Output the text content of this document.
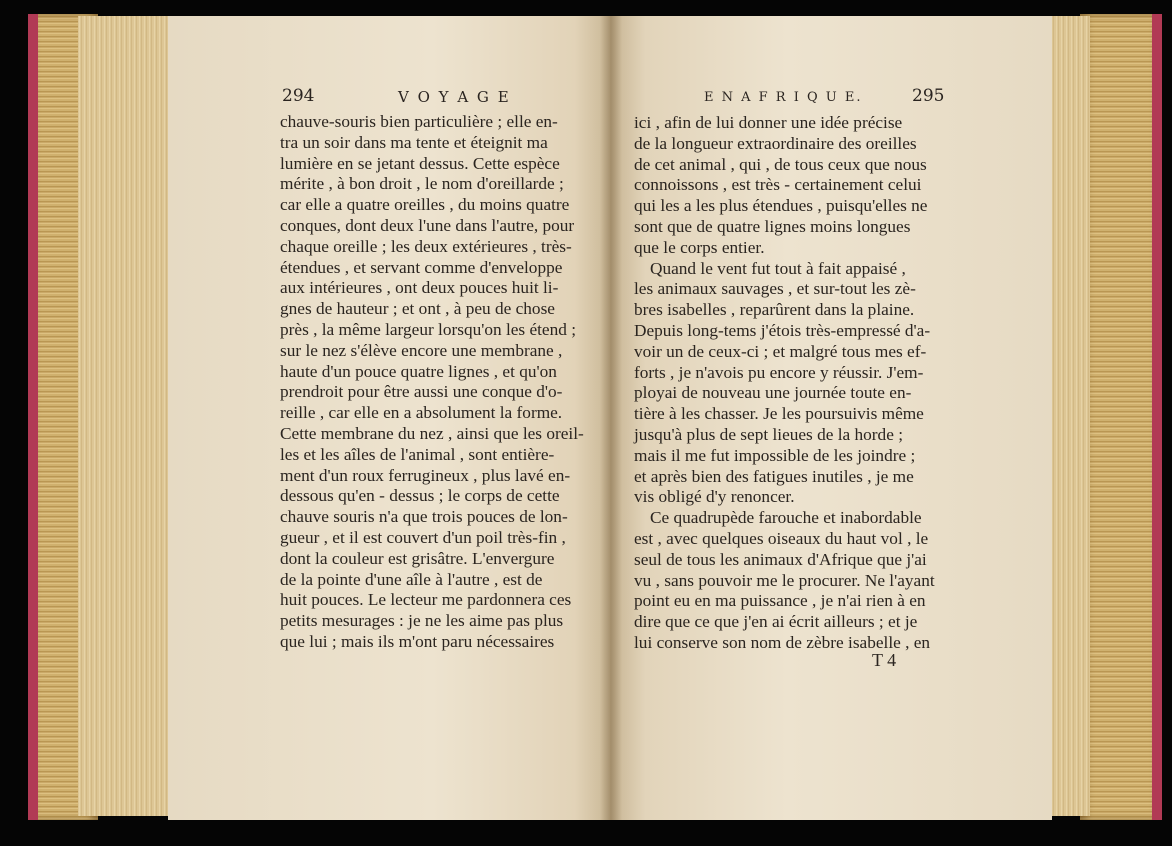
294	V O Y A G E	E N A F R I Q U E.	295
chauve-souris bien particulière ; elle en-
tra un soir dans ma tente et éteignit ma
lumière en se jetant dessus. Cette espèce
mérite , à bon droit , le nom d'oreillarde ;
car elle a quatre oreilles , du moins quatre
conques, dont deux l'une dans l'autre, pour
chaque oreille ; les deux extérieures , très-
étendues , et servant comme d'enveloppe
aux intérieures , ont deux pouces huit li-
gnes de hauteur ; et ont , à peu de chose
près , la même largeur lorsqu'on les étend ;
sur le nez s'élève encore une membrane ,
haute d'un pouce quatre lignes , et qu'on
prendroit pour être aussi une conque d'o-
reille , car elle en a absolument la forme.
Cette membrane du nez , ainsi que les oreil-
les et les aîles de l'animal , sont entière-
ment d'un roux ferrugineux , plus lavé en-
dessous qu'en - dessus ; le corps de cette
chauve souris n'a que trois pouces de lon-
gueur , et il est couvert d'un poil très-fin ,
dont la couleur est grisâtre. L'envergure
de la pointe d'une aîle à l'autre , est de
huit pouces. Le lecteur me pardonnera ces
petits mesurages : je ne les aime pas plus
que lui ; mais ils m'ont paru nécessaires
ici , afin de lui donner une idée précise
de la longueur extraordinaire des oreilles
de cet animal , qui , de tous ceux que nous
connoissons , est très - certainement celui
qui les a les plus étendues , puisqu'elles ne
sont que de quatre lignes moins longues
que le corps entier.
Quand le vent fut tout à fait appaisé ,
les animaux sauvages , et sur-tout les zè-
bres isabelles , reparûrent dans la plaine.
Depuis long-tems j'étois très-empressé d'a-
voir un de ceux-ci ; et malgré tous mes ef-
forts , je n'avois pu encore y réussir. J'em-
ployai de nouveau une journée toute en-
tière à les chasser. Je les poursuivis même
jusqu'à plus de sept lieues de la horde ;
mais il me fut impossible de les joindre ;
et après bien des fatigues inutiles , je me
vis obligé d'y renoncer.
Ce quadrupède farouche et inabordable
est , avec quelques oiseaux du haut vol , le
seul de tous les animaux d'Afrique que j'ai
vu , sans pouvoir me le procurer. Ne l'ayant
point eu en ma puissance , je n'ai rien à en
dire que ce que j'en ai écrit ailleurs ; et je
lui conserve son nom de zèbre isabelle , en
T 4
